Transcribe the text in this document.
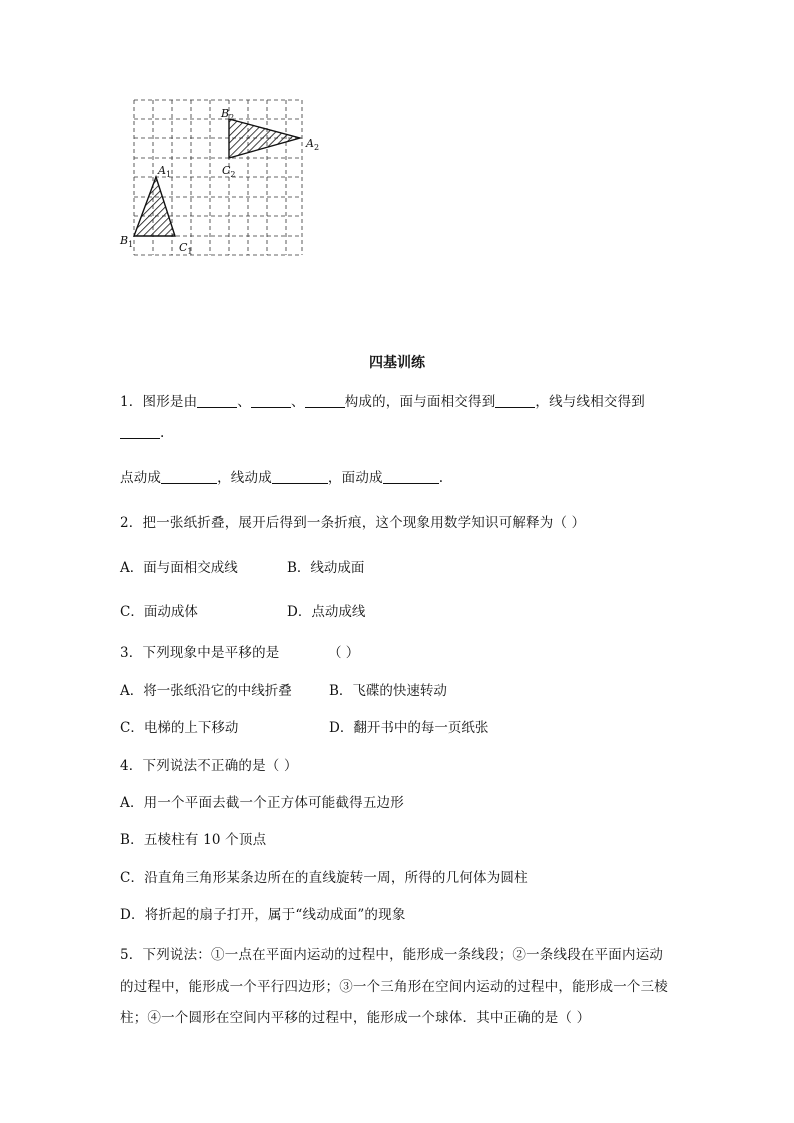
$B_2$
$A_2$
$C_2$
$A_1$
$B_1$	$C_1$
四基训练
1．图形是由	、	、	构成的，面与面相交得到	，线与线相交得到
.
点动成	，线动成	，面动成	.
2．把一张纸折叠，展开后得到一条折痕，这个现象用数学知识可解释为（ ）
A．面与面相交成线	B．线动成面
C．面动成体	D．点动成线
3．下列现象中是平移的是	（ ）
A．将一张纸沿它的中线折叠	B．飞碟的快速转动
C．电梯的上下移动	D．翻开书中的每一页纸张
4．下列说法不正确的是（ ）
A．用一个平面去截一个正方体可能截得五边形
B．五棱柱有 10 个顶点
C．沿直角三角形某条边所在的直线旋转一周，所得的几何体为圆柱
D．将折起的扇子打开，属于“线动成面”的现象
5．下列说法：①一点在平面内运动的过程中，能形成一条线段；②一条线段在平面内运动
的过程中，能形成一个平行四边形；③一个三角形在空间内运动的过程中，能形成一个三棱
柱；④一个圆形在空间内平移的过程中，能形成一个球体．其中正确的是（ ）
